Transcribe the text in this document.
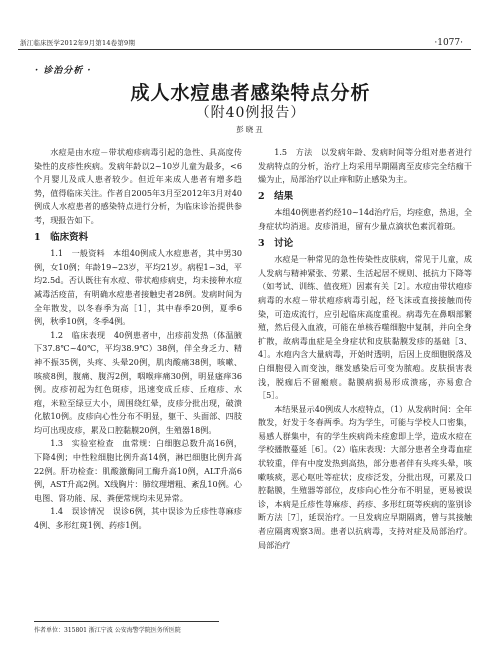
浙江临床医学2012年9月第14卷第9期	·1077·
· 诊治分析 ·
成人水痘患者感染特点分析
（附40例报告）
彭晓丑

水痘是由水痘－带状疱疹病毒引起的急性、具高度传染性的皮疹性疾病。发病年龄以2~10岁儿童为最多，<6个月婴儿及成人患者较少。但近年来成人患者有增多趋势，值得临床关注。作者自2005年3月至2012年3月对40例成人水痘患者的感染特点进行分析，为临床诊治提供参考，现报告如下。

1　临床资料

1.1　一般资料　本组40例成人水痘患者，其中男30例，女10例；年龄19~23岁，平均21岁。病程1~3d，平均2.5d。否认既往有水痘、带状疱疹病史，均未接种水痘减毒活疫苗，有明确水痘患者接触史者28例。发病时间为全年散发，以冬春季为高［1］，其中春季20例，夏季6例，秋季10例，冬季4例。

1.2　临床表现　40例患者中，出疹前发热（体温腋下37.8℃~40℃，平均38.9℃）38例，伴全身乏力、精神不振35例，头疼、头晕20例，肌肉酸痛38例，咳嗽、咳痰8例，腹痛、腹泻2例，咽喉痒痛30例，明显瘙痒36例。皮疹初起为红色斑疹，迅速变成丘疹、丘疱疹、水疱，米粒至绿豆大小，周围绕红晕，皮疹分批出现，破溃化脓10例。皮疹向心性分布不明显，躯干、头面部、四肢均可出现皮疹，累及口腔黏膜20例，生殖器18例。

1.3　实验室检查　血常规：白细胞总数升高16例，下降4例；中性粒细胞比例升高14例，淋巴细胞比例升高22例。肝功检查：肌酸激酶同工酶升高10例，ALT升高6例，AST升高2例。X线胸片：肺纹理增粗、紊乱10例。心电图、肾功能、尿、粪便常规均未见异常。

1.4　误诊情况　误诊6例，其中误诊为丘疹性荨麻疹4例、多形红斑1例、药疹1例。

1.5　方法　以发病年龄、发病时间等分组对患者进行发病特点的分析，治疗上均采用早期隔离至皮疹完全结痂干燥为止，局部治疗以止痒和防止感染为主。

2　结果

本组40例患者约经10~14d治疗后，均痊愈，热退，全身症状均消退。皮疹消退，留有少量点滴状色素沉着斑。

3　讨论

水痘是一种常见的急性传染性皮肤病，常见于儿童，成人发病与精神紧张、劳累、生活起居不规则、抵抗力下降等（如考试、训练、值夜班）因素有关［2］。水痘由带状疱疹病毒的水痘－带状疱疹病毒引起，经飞沫或直接接触而传染，可造成流行，应引起临床高度重视。病毒先在鼻咽部繁殖，然后侵入血液，可能在单核吞噬细胞中复制，并向全身扩散，故病毒血症是全身症状和皮肤黏膜发疹的基础［3、4］。水疱内含大量病毒，开始时透明，后因上皮细胞脱落及白细胞侵入而变浊，继发感染后可变为脓疱。皮肤损害表浅，脱痂后不留瘢痕。黏膜病损易形成溃疡，亦易愈合［5］。

本结果显示40例成人水痘特点，（1）从发病时间：全年散发，好发于冬春两季。均为学生，可能与学校人口密集，易感人群集中，有的学生疾病尚未痊愈即上学，造成水痘在学校播散蔓延［6］。（2）临床表现：大部分患者全身毒血症状较重，伴有中度发热到高热，部分患者伴有头疼头晕，咳嗽咳痰，恶心呕吐等症状；皮疹泛发，分批出现，可累及口腔黏膜，生殖器等部位，皮疹向心性分布不明显，更易被误诊，本病是丘疹性荨麻疹、药疹、多形红斑等疾病的鉴别诊断方法［7］，延误治疗。一旦发病应早期隔离，曾与其接触者应隔离观察3周。患者以抗病毒，支持对症及局部治疗。局部治疗

作者单位：315801 浙江宁波 公安海警学院医务所医院
